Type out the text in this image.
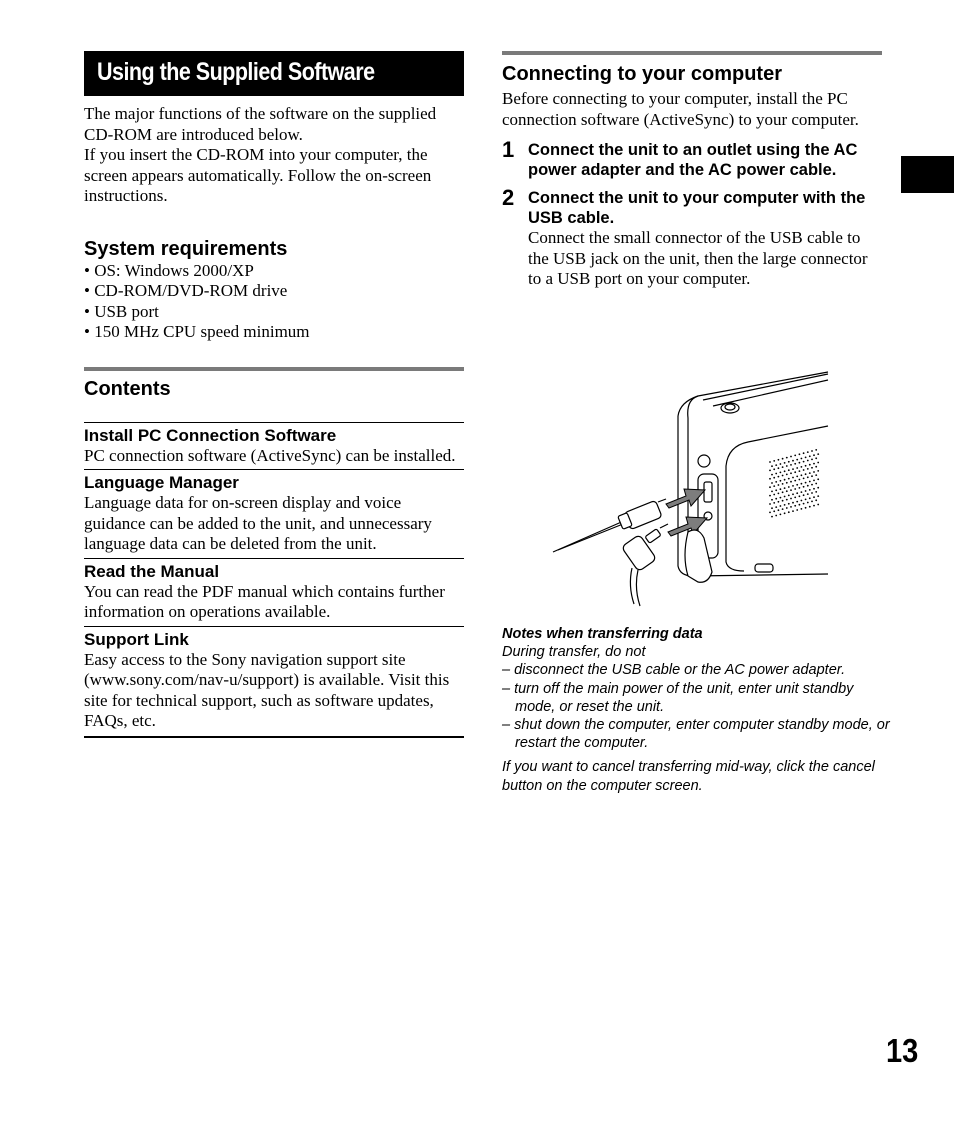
Using the Supplied Software

The major functions of the software on the supplied CD-ROM are introduced below.

If you insert the CD-ROM into your computer, the screen appears automatically. Follow the on-screen instructions.

System requirements
• OS: Windows 2000/XP
• CD-ROM/DVD-ROM drive
• USB port
• 150 MHz CPU speed minimum
Contents
Install PC Connection Software

PC connection software (ActiveSync) can be installed.

Language Manager

Language data for on-screen display and voice guidance can be added to the unit, and unnecessary language data can be deleted from the unit.

Read the Manual

You can read the PDF manual which contains further information on operations available.

Support Link

Easy access to the Sony navigation support site (www.sony.com/nav-u/support) is available. Visit this site for technical support, such as software updates, FAQs, etc.

Connecting to your computer

Before connecting to your computer, install the PC connection software (ActiveSync) to your computer.

1 Connect the unit to an outlet using the AC power adapter and the AC power cable.

2 Connect the unit to your computer with the USB cable.

Connect the small connector of the USB cable to the USB jack on the unit, then the large connector to a USB port on your computer.

Notes when transferring data

During transfer, do not

– disconnect the USB cable or the AC power adapter.

– turn off the main power of the unit, enter unit standby mode, or reset the unit.

– shut down the computer, enter computer standby mode, or restart the computer.

If you want to cancel transferring mid-way, click the cancel button on the computer screen.

13
